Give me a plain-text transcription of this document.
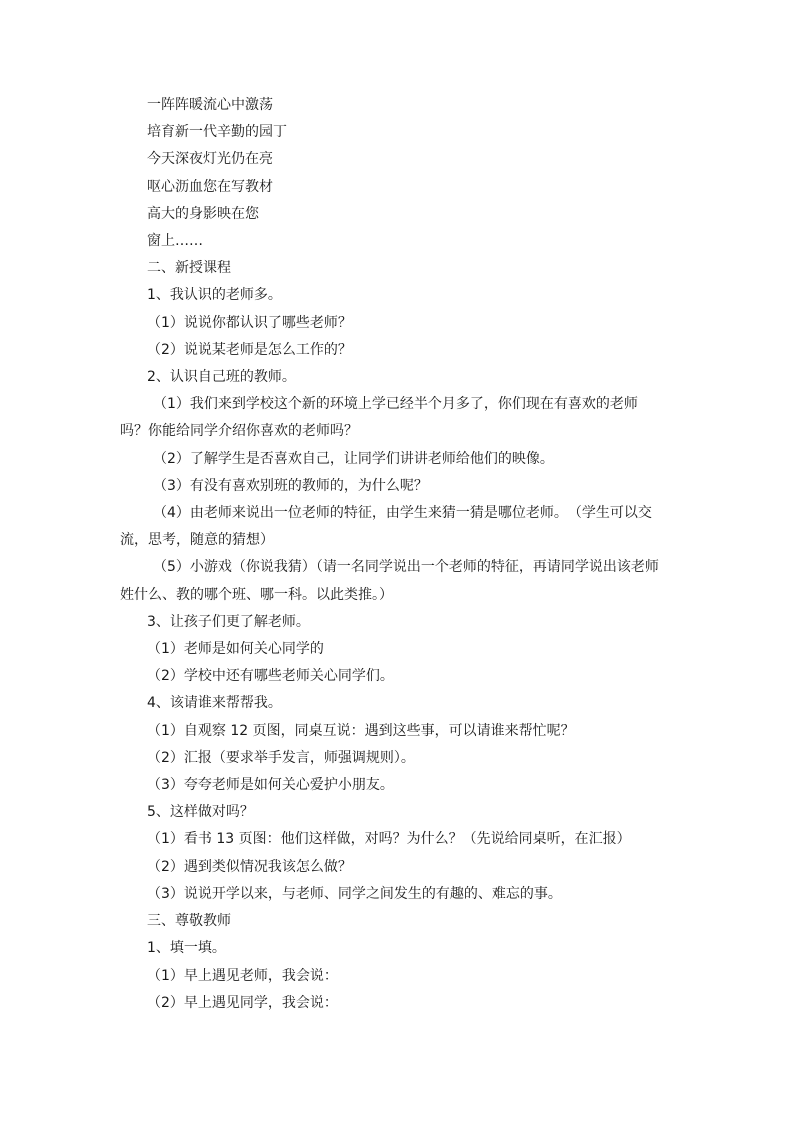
一阵阵暖流心中激荡

培育新一代辛勤的园丁

今天深夜灯光仍在亮

呕心沥血您在写教材

高大的身影映在您

窗上……

二、新授课程

1、我认识的老师多。

（1）说说你都认识了哪些老师？

（2）说说某老师是怎么工作的？

2、认识自己班的教师。

（1）我们来到学校这个新的环境上学已经半个月多了，你们现在有喜欢的老师吗？你能给同学介绍你喜欢的老师吗？

（2）了解学生是否喜欢自己，让同学们讲讲老师给他们的映像。

（3）有没有喜欢别班的教师的，为什么呢？

（4）由老师来说出一位老师的特征，由学生来猜一猜是哪位老师。　（学生可以交流，思考，随意的猜想）

（5）小游戏（你说我猜）（请一名同学说出一个老师的特征，再请同学说出该老师姓什么、教的哪个班、哪一科。以此类推。）

3、让孩子们更了解老师。

（1）老师是如何关心同学的

（2）学校中还有哪些老师关心同学们。

4、该请谁来帮帮我。

（1）自观察 12 页图，同桌互说：遇到这些事，可以请谁来帮忙呢？

（2）汇报（要求举手发言，师强调规则）。

（3）夸夸老师是如何关心爱护小朋友。

5、这样做对吗？

（1）看书 13 页图：他们这样做，对吗？为什么？（先说给同桌听，在汇报）

（2）遇到类似情况我该怎么做？

（3）说说开学以来，与老师、同学之间发生的有趣的、难忘的事。

三、尊敬教师

1、填一填。

（1）早上遇见老师，我会说：

（2）早上遇见同学，我会说：
